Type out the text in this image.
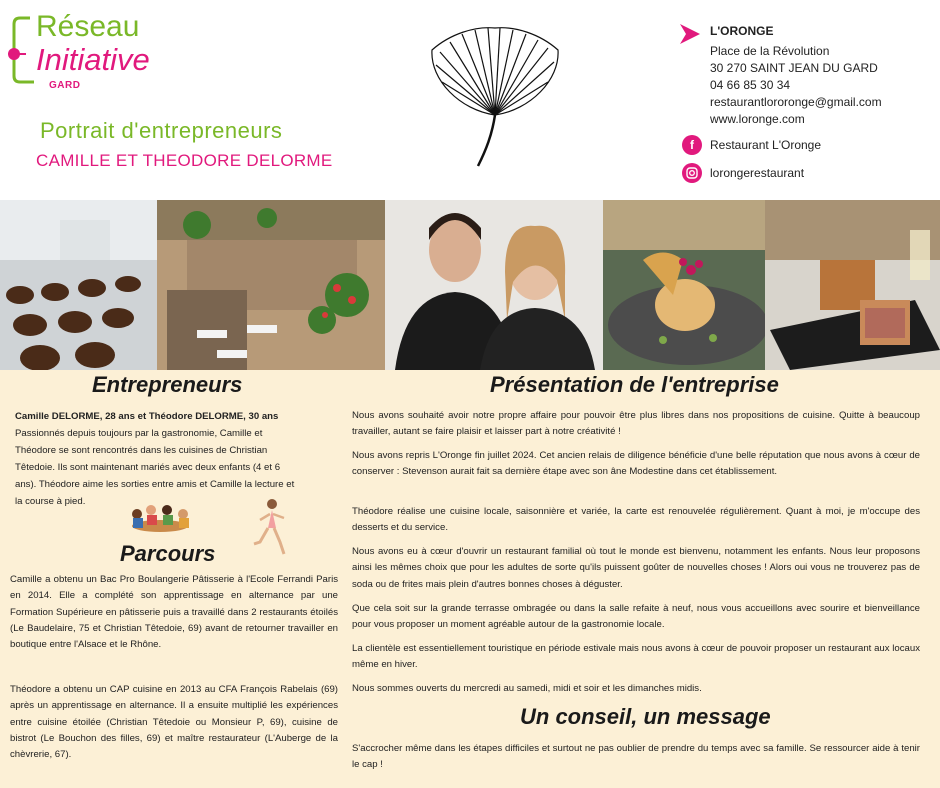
Réseau
Initiative
GARD
Portrait d'entrepreneurs
CAMILLE ET THEODORE DELORME
L'ORONGE
Place de la Révolution
30 270 SAINT JEAN DU GARD
04 66 85 30 34
restaurantlororonge@gmail.com
www.loronge.com
f	Restaurant L'Oronge
lorongerestaurant
Entrepreneurs
Camille DELORME, 28 ans et Théodore DELORME, 30 ans
Passionnés depuis toujours par la gastronomie, Camille et
Théodore se sont rencontrés dans les cuisines de Christian
Têtedoie. Ils sont maintenant mariés avec deux enfants (4 et 6
ans). Théodore aime les sorties entre amis et Camille la lecture et
la course à pied.
Parcours
Camille a obtenu un Bac Pro Boulangerie Pâtisserie à l'Ecole Ferrandi Paris en 2014. Elle a complété son apprentissage en alternance par une Formation Supérieure en pâtisserie puis a travaillé dans 2 restaurants étoilés (Le Baudelaire, 75 et Christian Têtedoie, 69) avant de retourner travailler en boutique entre l'Alsace et le Rhône.
Théodore a obtenu un CAP cuisine en 2013 au CFA François Rabelais (69) après un apprentissage en alternance. Il a ensuite multiplié les expériences entre cuisine étoilée (Christian Têtedoie ou Monsieur P, 69), cuisine de bistrot (Le Bouchon des filles, 69) et maître restaurateur (L'Auberge de la chèvrerie, 67).
Présentation de l'entreprise
Nous avons souhaité avoir notre propre affaire pour pouvoir être plus libres dans nos propositions de cuisine. Quitte à beaucoup travailler, autant se faire plaisir et laisser part à notre créativité !
Nous avons repris L'Oronge fin juillet 2024. Cet ancien relais de diligence bénéficie d'une belle réputation que nous avons à cœur de conserver : Stevenson aurait fait sa dernière étape avec son âne Modestine dans cet établissement.
Théodore réalise une cuisine locale, saisonnière et variée, la carte est renouvelée régulièrement. Quant à moi, je m'occupe des desserts et du service.
Nous avons eu à cœur d'ouvrir un restaurant familial où tout le monde est bienvenu, notamment les enfants. Nous leur proposons ainsi les mêmes choix que pour les adultes de sorte qu'ils puissent goûter de nouvelles choses ! Alors oui vous ne trouverez pas de soda ou de frites mais plein d'autres bonnes choses à déguster.
Que cela soit sur la grande terrasse ombragée ou dans la salle refaite à neuf, nous vous accueillons avec sourire et bienveillance pour vous proposer un moment agréable autour de la gastronomie locale.
La clientèle est essentiellement touristique en période estivale mais nous avons à cœur de pouvoir proposer un restaurant aux locaux même en hiver.
Nous sommes ouverts du mercredi au samedi, midi et soir et les dimanches midis.
Un conseil, un message
S'accrocher même dans les étapes difficiles et surtout ne pas oublier de prendre du temps avec sa famille. Se ressourcer aide à tenir le cap !
